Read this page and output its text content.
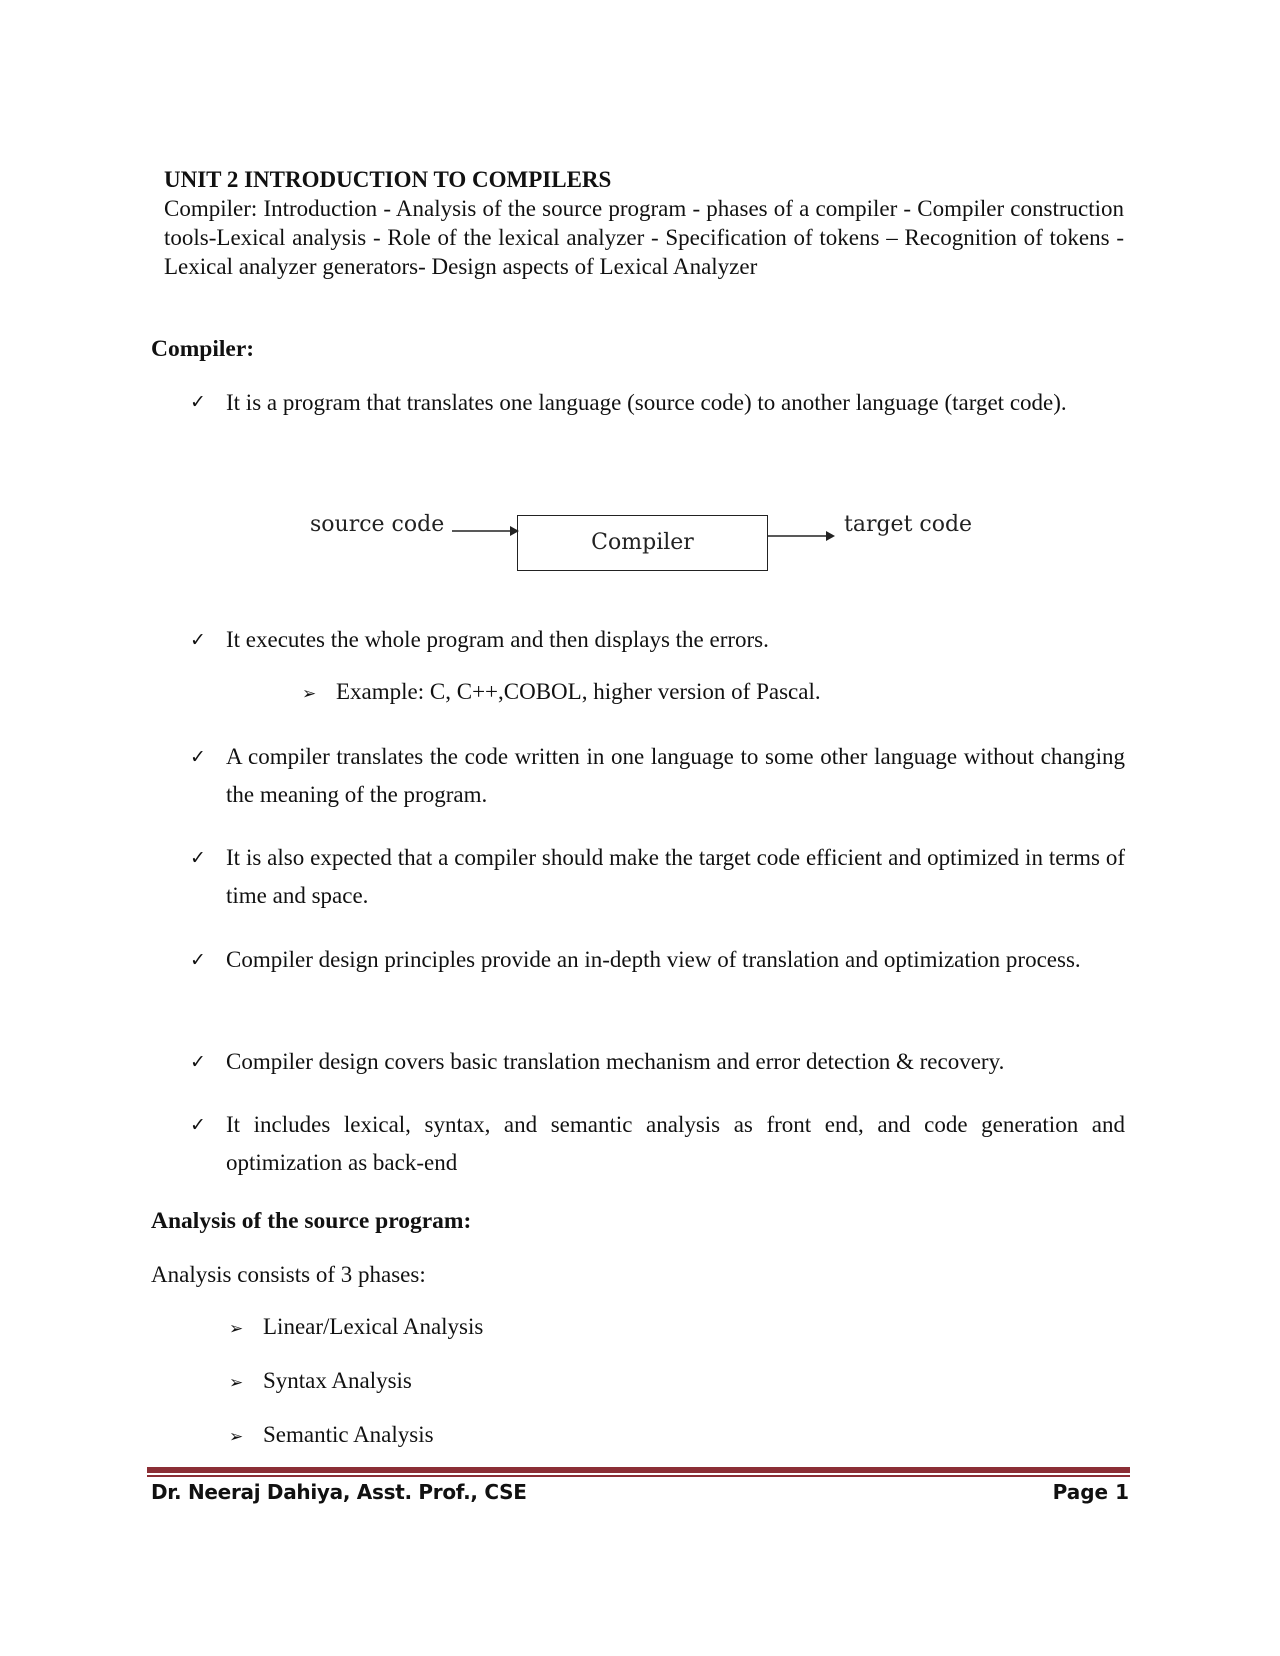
UNIT 2 INTRODUCTION TO COMPILERS

Compiler: Introduction - Analysis of the source program - phases of a compiler - Compiler construction tools-Lexical analysis - Role of the lexical analyzer - Specification of tokens – Recognition of tokens -Lexical analyzer generators- Design aspects of Lexical Analyzer

Compiler:
✓ It is a program that translates one language (source code) to another language (target code).
source code
Compiler
target code
✓ It executes the whole program and then displays the errors.
➢ Example: C, C++,COBOL, higher version of Pascal.
✓ A compiler translates the code written in one language to some other language without changing the meaning of the program.
✓ It is also expected that a compiler should make the target code efficient and optimized in terms of time and space.
✓ Compiler design principles provide an in-depth view of translation and optimization process.
✓ Compiler design covers basic translation mechanism and error detection & recovery.
✓ It includes lexical, syntax, and semantic analysis as front end, and code generation and optimization as back-end
Analysis of the source program:

Analysis consists of 3 phases:

➢ Linear/Lexical Analysis
➢ Syntax Analysis
➢ Semantic Analysis
Dr. Neeraj Dahiya, Asst. Prof., CSE	Page 1
